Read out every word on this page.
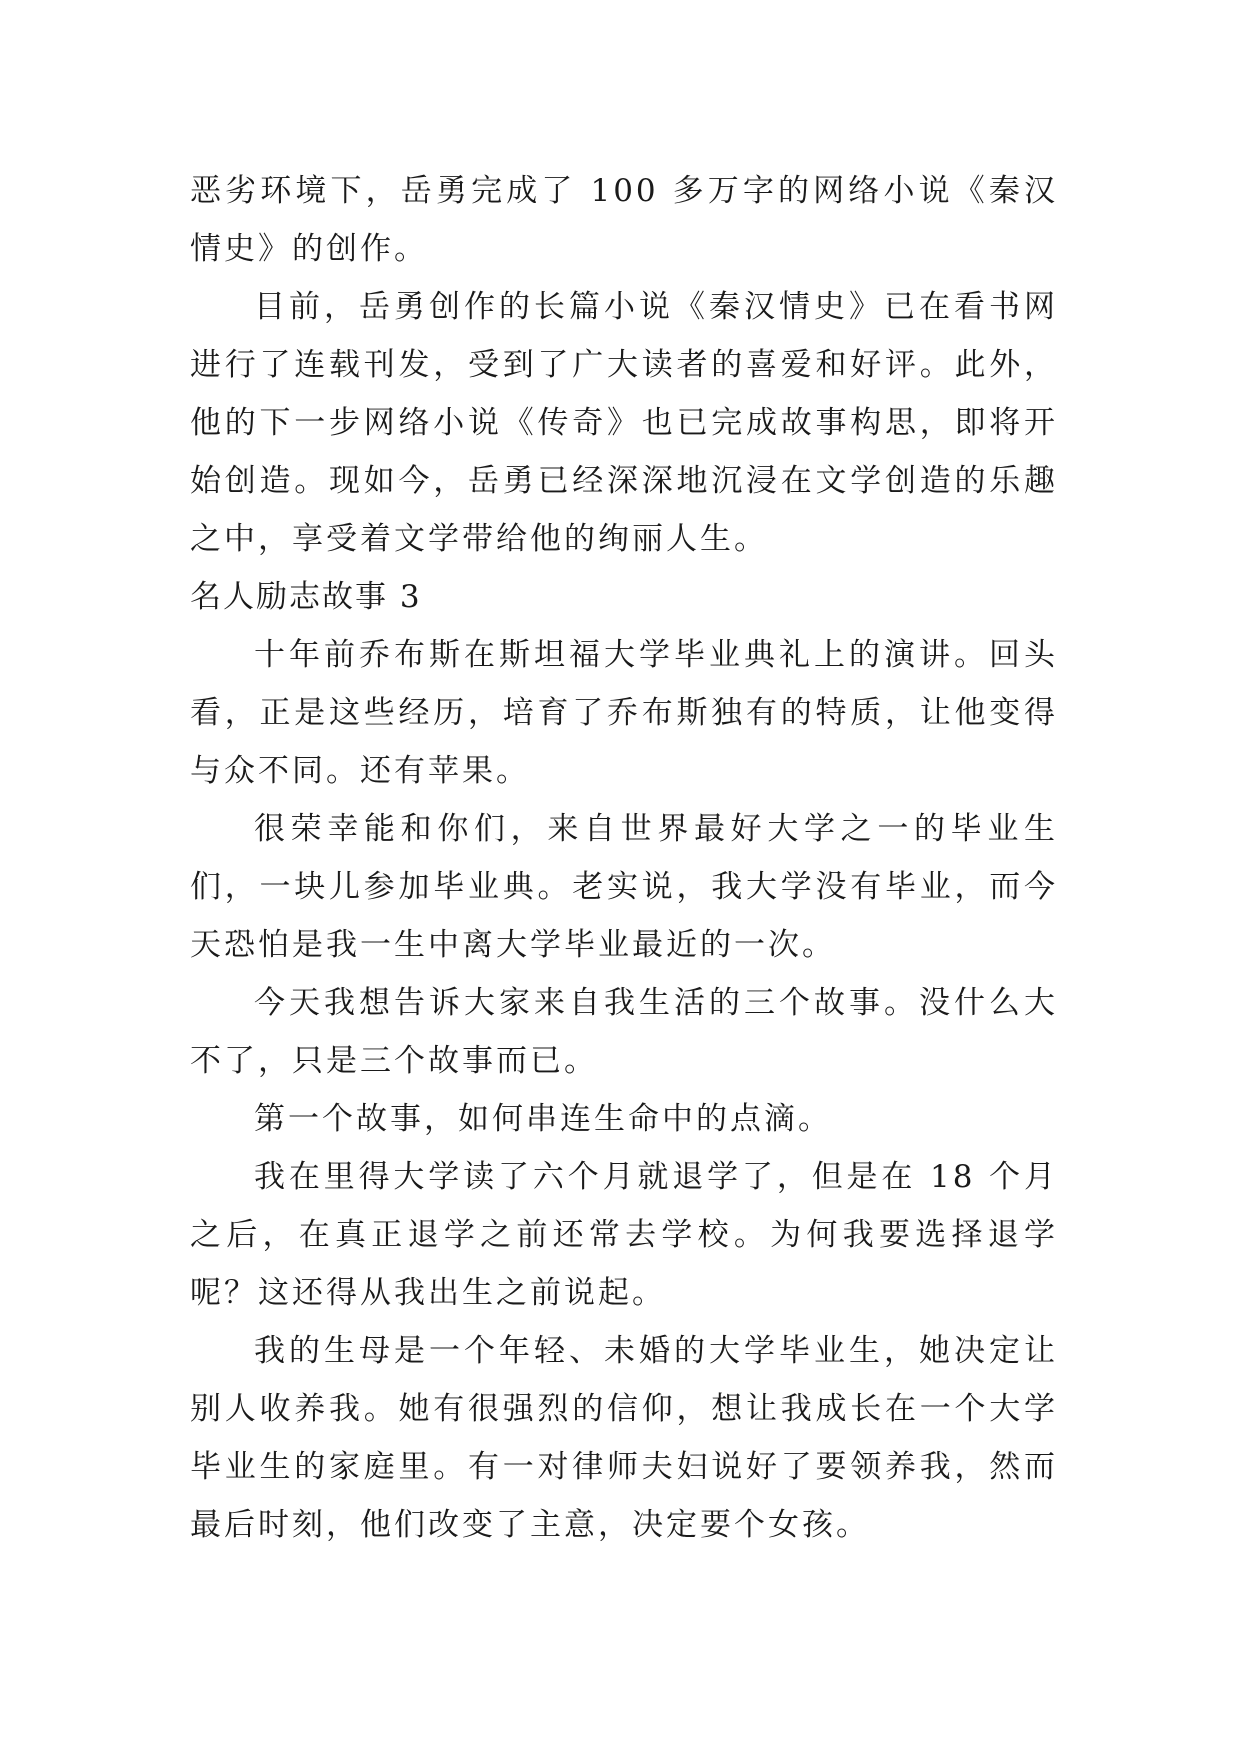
恶劣环境下，岳勇完成了 100 多万字的网络小说《秦汉情史》的创作。

目前，岳勇创作的长篇小说《秦汉情史》已在看书网进行了连载刊发，受到了广大读者的喜爱和好评。此外，他的下一步网络小说《传奇》也已完成故事构思，即将开始创造。现如今，岳勇已经深深地沉浸在文学创造的乐趣之中，享受着文学带给他的绚丽人生。

名人励志故事 3

十年前乔布斯在斯坦福大学毕业典礼上的演讲。回头看，正是这些经历，培育了乔布斯独有的特质，让他变得与众不同。还有苹果。

很荣幸能和你们，来自世界最好大学之一的毕业生们，一块儿参加毕业典。老实说，我大学没有毕业，而今天恐怕是我一生中离大学毕业最近的一次。

今天我想告诉大家来自我生活的三个故事。没什么大不了，只是三个故事而已。

第一个故事，如何串连生命中的点滴。

我在里得大学读了六个月就退学了，但是在 18 个月之后，在真正退学之前还常去学校。为何我要选择退学呢？这还得从我出生之前说起。

我的生母是一个年轻、未婚的大学毕业生，她决定让别人收养我。她有很强烈的信仰，想让我成长在一个大学毕业生的家庭里。有一对律师夫妇说好了要领养我，然而最后时刻，他们改变了主意，决定要个女孩。
